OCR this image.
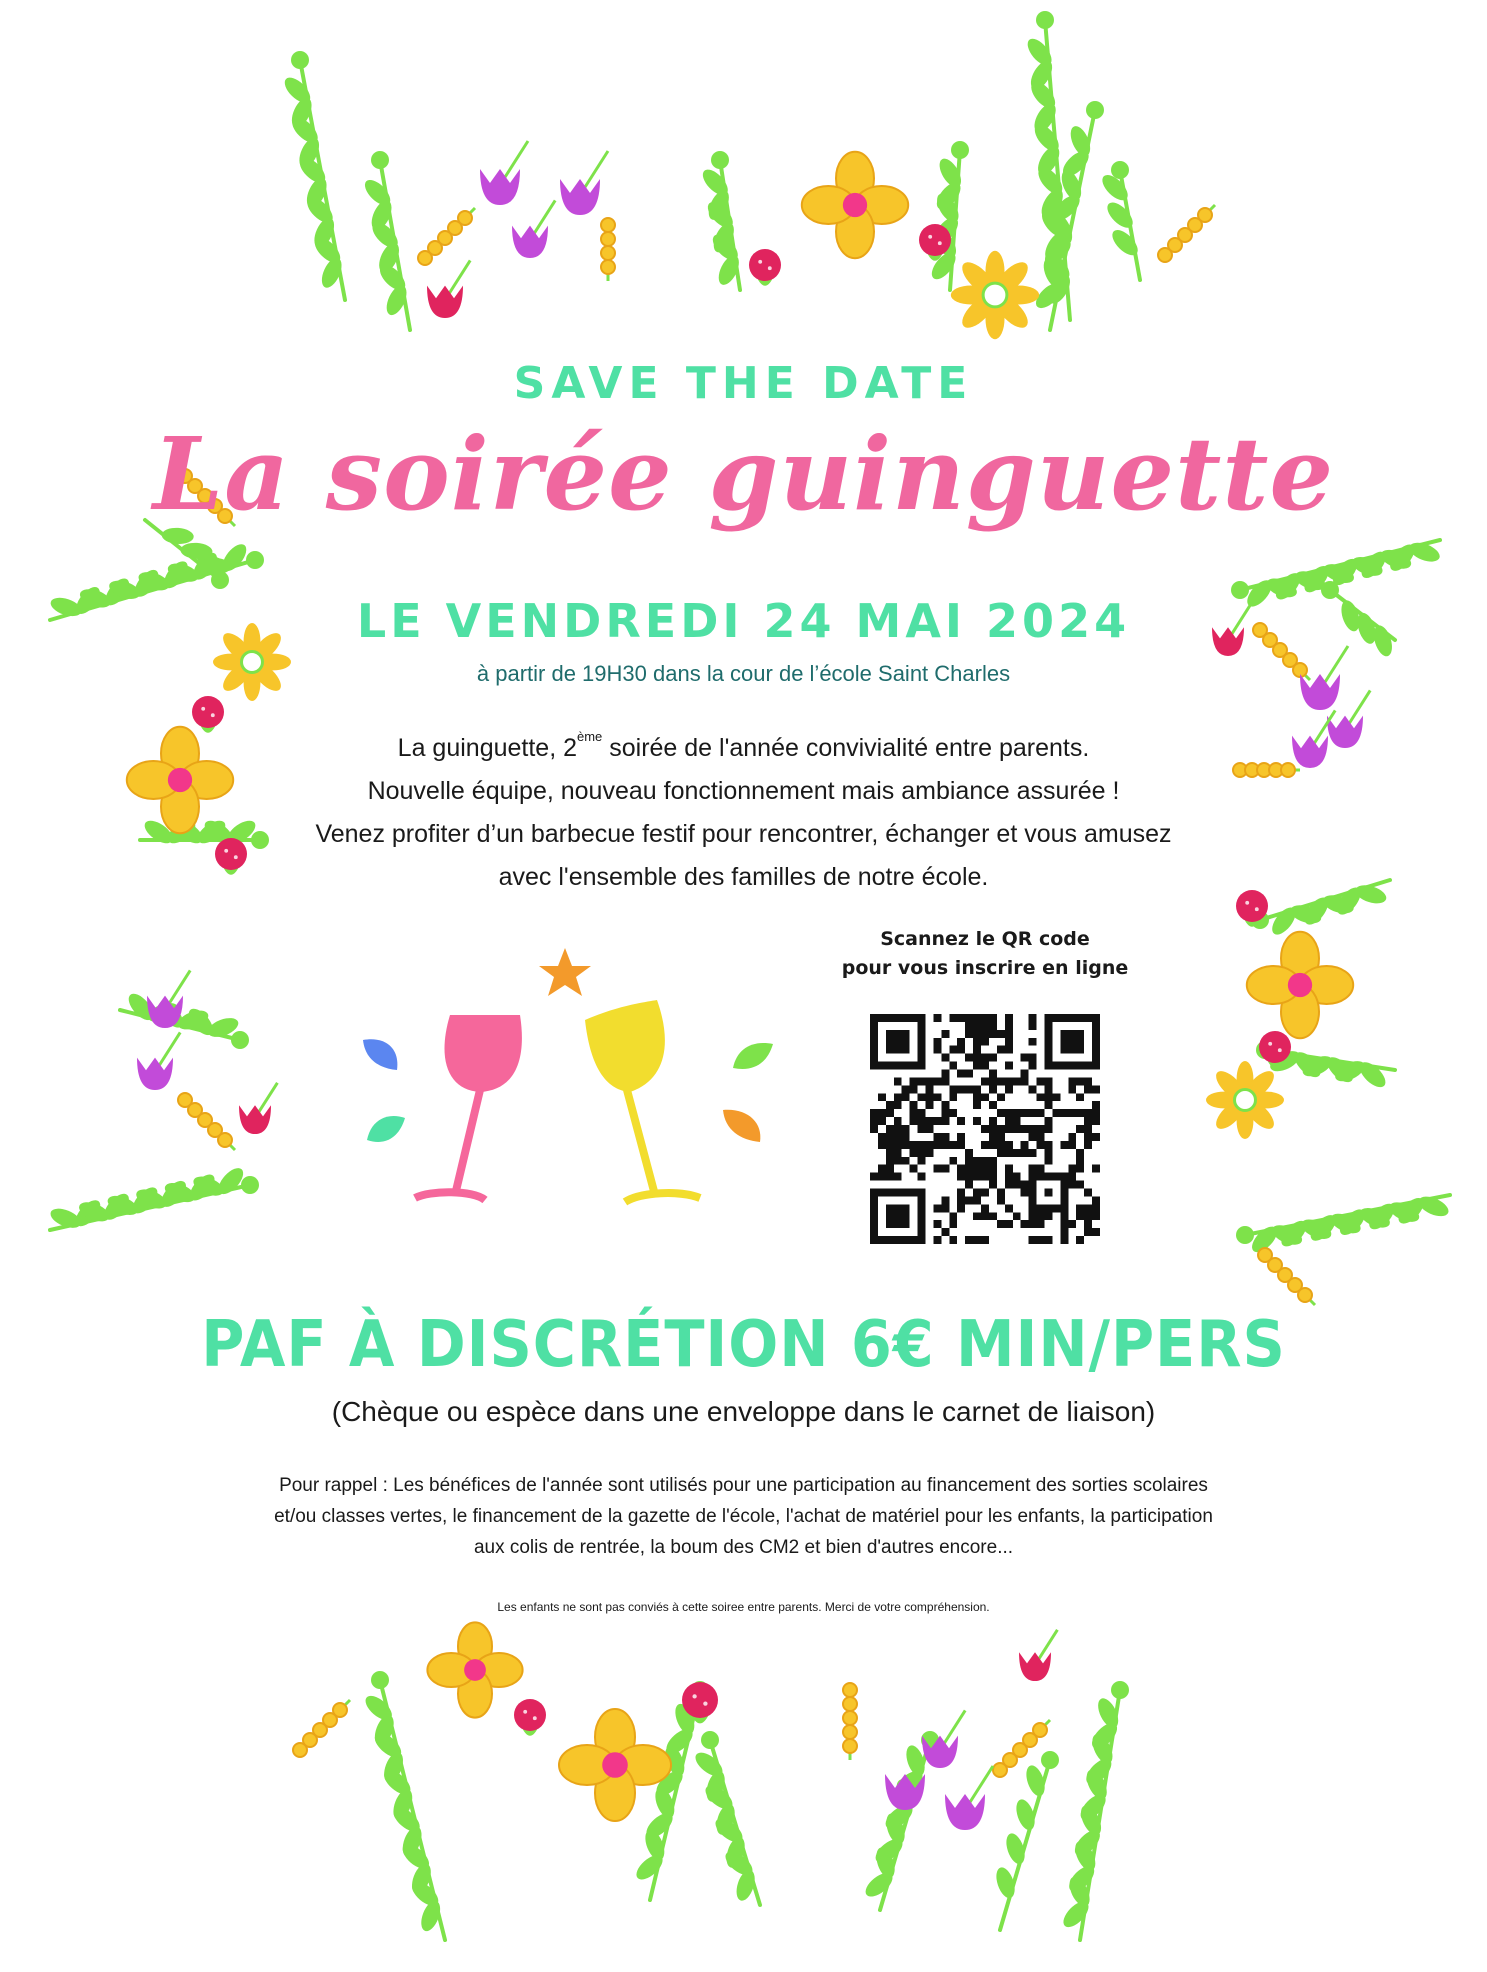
SAVE THE DATE
La soirée guinguette
LE VENDREDI 24 MAI 2024
à partir de 19H30 dans la cour de l’école Saint Charles
La guinguette, 2ème soirée de l'année convivialité entre parents.
Nouvelle équipe, nouveau fonctionnement mais ambiance assurée !
Venez profiter d’un barbecue festif pour rencontrer, échanger et vous amusez
avec l'ensemble des familles de notre école.
Scannez le QR code
pour vous inscrire en ligne
PAF À DISCRÉTION 6€ MIN/PERS
(Chèque ou espèce dans une enveloppe dans le carnet de liaison)
Pour rappel : Les bénéfices de l'année sont utilisés pour une participation au financement des sorties scolaires
et/ou classes vertes, le financement de la gazette de l'école, l'achat de matériel pour les enfants, la participation
aux colis de rentrée, la boum des CM2 et bien d'autres encore...
Les enfants ne sont pas conviés à cette soiree entre parents. Merci de votre compréhension.
